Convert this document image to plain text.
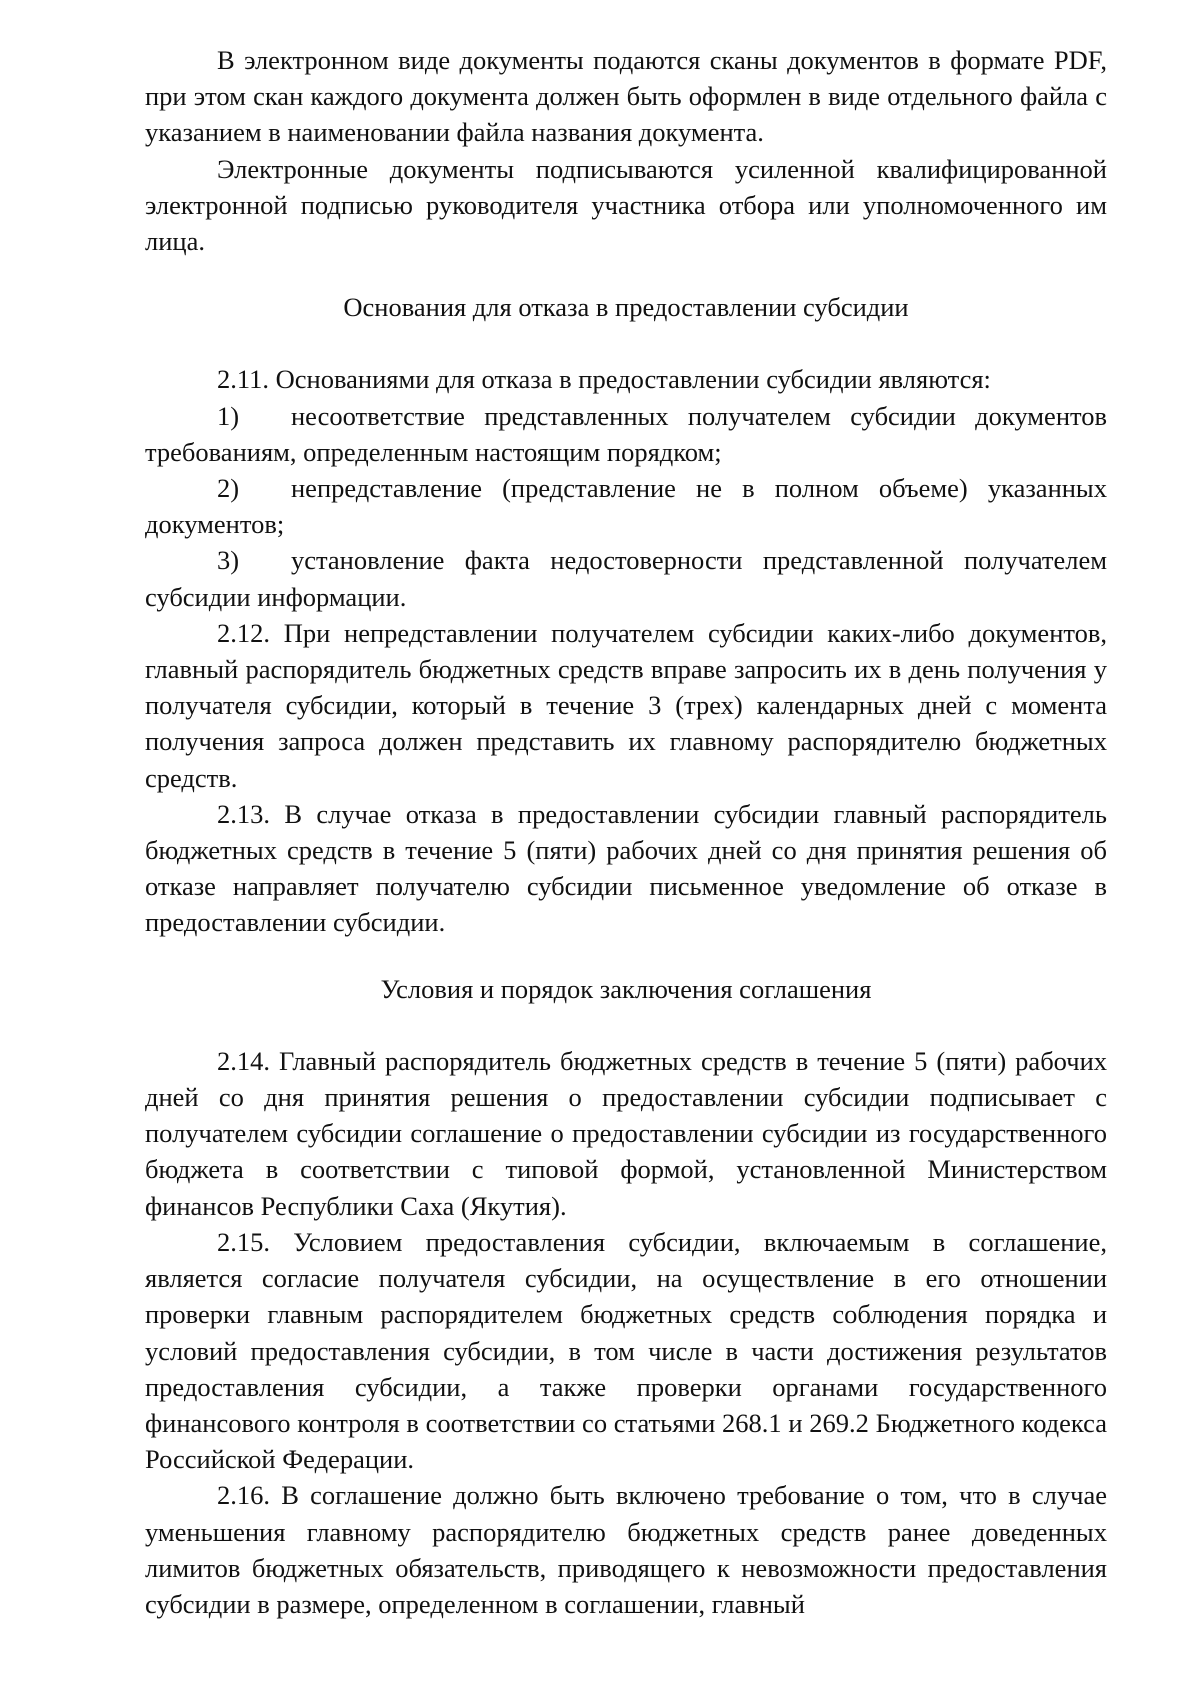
В электронном виде документы подаются сканы документов в формате PDF, при этом скан каждого документа должен быть оформлен в виде отдельного файла с указанием в наименовании файла названия документа.

Электронные документы подписываются усиленной квалифицированной электронной подписью руководителя участника отбора или уполномоченного им лица.

Основания для отказа в предоставлении субсидии

2.11. Основаниями для отказа в предоставлении субсидии являются:

1) несоответствие представленных получателем субсидии документов требованиям, определенным настоящим порядком;

2) непредставление (представление не в полном объеме) указанных документов;

3) установление факта недостоверности представленной получателем субсидии информации.

2.12. При непредставлении получателем субсидии каких-либо документов, главный распорядитель бюджетных средств вправе запросить их в день получения у получателя субсидии, который в течение 3 (трех) календарных дней с момента получения запроса должен представить их главному распорядителю бюджетных средств.

2.13. В случае отказа в предоставлении субсидии главный распорядитель бюджетных средств в течение 5 (пяти) рабочих дней со дня принятия решения об отказе направляет получателю субсидии письменное уведомление об отказе в предоставлении субсидии.

Условия и порядок заключения соглашения

2.14. Главный распорядитель бюджетных средств в течение 5 (пяти) рабочих дней со дня принятия решения о предоставлении субсидии подписывает с получателем субсидии соглашение о предоставлении субсидии из государственного бюджета в соответствии с типовой формой, установленной Министерством финансов Республики Саха (Якутия).

2.15. Условием предоставления субсидии, включаемым в соглашение, является согласие получателя субсидии, на осуществление в его отношении проверки главным распорядителем бюджетных средств соблюдения порядка и условий предоставления субсидии, в том числе в части достижения результатов предоставления субсидии, а также проверки органами государственного финансового контроля в соответствии со статьями 268.1 и 269.2 Бюджетного кодекса Российской Федерации.

2.16. В соглашение должно быть включено требование о том, что в случае уменьшения главному распорядителю бюджетных средств ранее доведенных лимитов бюджетных обязательств, приводящего к невозможности предоставления субсидии в размере, определенном в соглашении, главный
